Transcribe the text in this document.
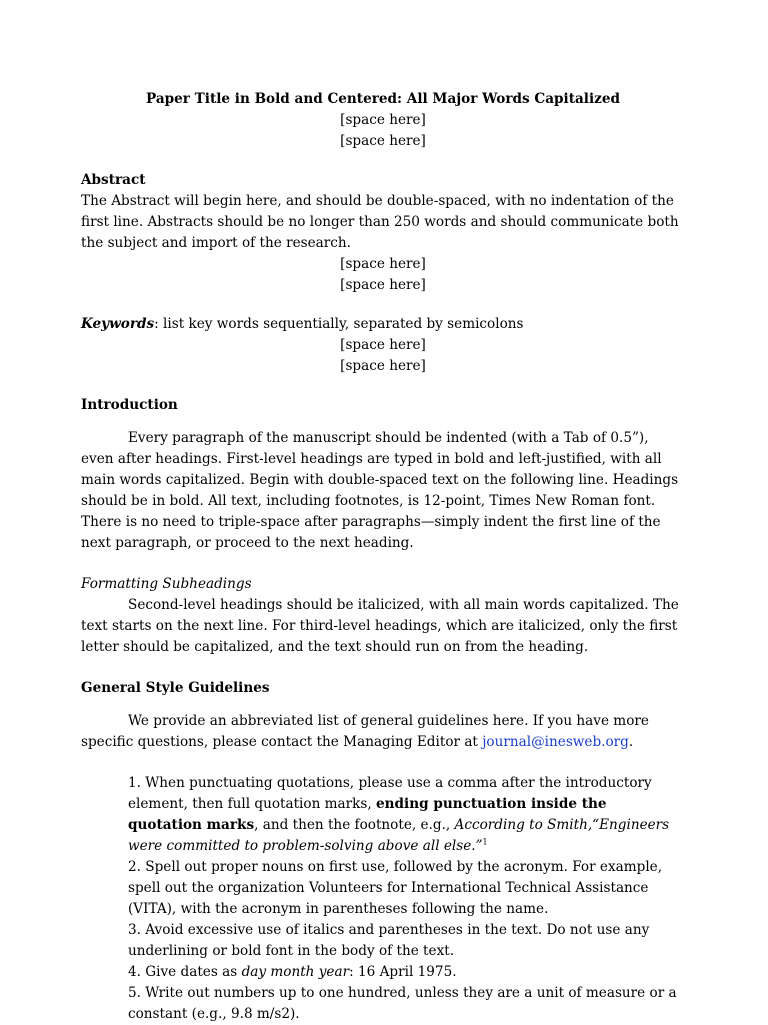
Paper Title in Bold and Centered: All Major Words Capitalized
[space here]
[space here]
Abstract

The Abstract will begin here, and should be double-spaced, with no indentation of the first line. Abstracts should be no longer than 250 words and should communicate both the subject and import of the research.

[space here]
[space here]

Keywords: list key words sequentially, separated by semicolons

[space here]
[space here]
Introduction

Every paragraph of the manuscript should be indented (with a Tab of 0.5”), even after headings. First-level headings are typed in bold and left-justified, with all main words capitalized. Begin with double-spaced text on the following line. Headings should be in bold. All text, including footnotes, is 12-point, Times New Roman font. There is no need to triple-space after paragraphs—simply indent the first line of the next paragraph, or proceed to the next heading.

Formatting Subheadings

Second-level headings should be italicized, with all main words capitalized. The text starts on the next line. For third-level headings, which are italicized, only the first letter should be capitalized, and the text should run on from the heading.

General Style Guidelines

We provide an abbreviated list of general guidelines here. If you have more specific questions, please contact the Managing Editor at journal@inesweb.org.

1. When punctuating quotations, please use a comma after the introductory element, then full quotation marks, ending punctuation inside the quotation marks, and then the footnote, e.g., According to Smith,“Engineers were committed to problem-solving above all else.”$^1$

2. Spell out proper nouns on first use, followed by the acronym. For example, spell out the organization Volunteers for International Technical Assistance (VITA), with the acronym in parentheses following the name.

3. Avoid excessive use of italics and parentheses in the text. Do not use any underlining or bold font in the body of the text.

4. Give dates as day month year: 16 April 1975.

5. Write out numbers up to one hundred, unless they are a unit of measure or a constant (e.g., 9.8 m/s2).
